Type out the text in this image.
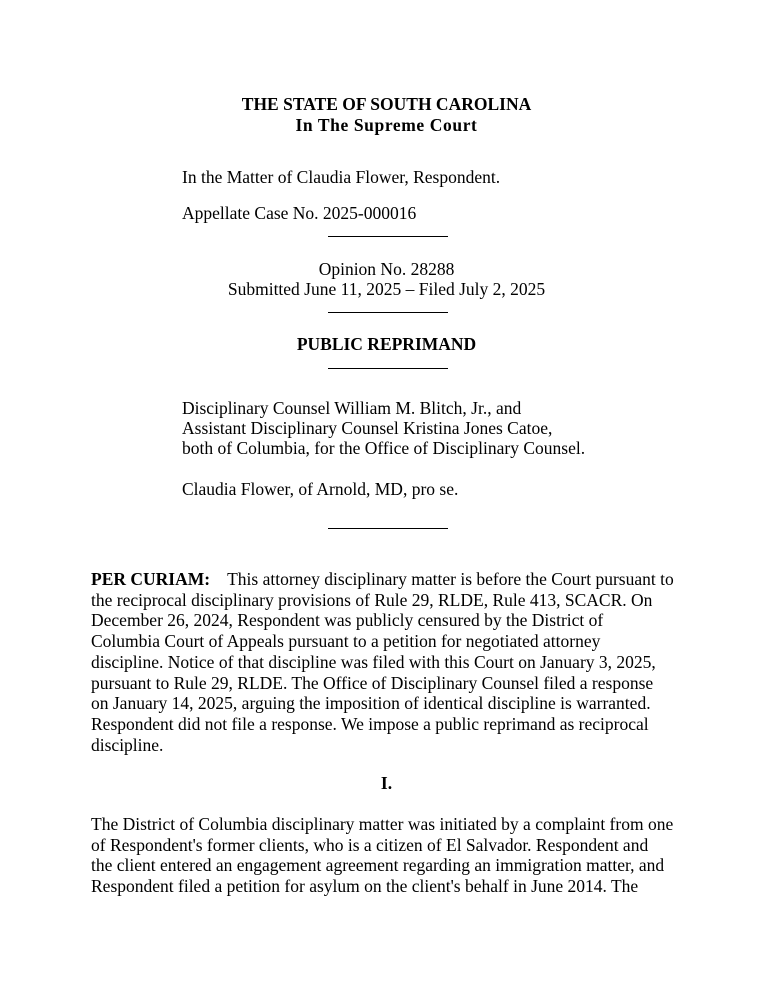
THE STATE OF SOUTH CAROLINA
In The Supreme Court
In the Matter of Claudia Flower, Respondent.
Appellate Case No. 2025-000016
Opinion No. 28288
Submitted June 11, 2025 – Filed July 2, 2025
PUBLIC REPRIMAND
Disciplinary Counsel William M. Blitch, Jr., and
Assistant Disciplinary Counsel Kristina Jones Catoe,
both of Columbia, for the Office of Disciplinary Counsel.
Claudia Flower, of Arnold, MD, pro se.
PER CURIAM: This attorney disciplinary matter is before the Court pursuant to
the reciprocal disciplinary provisions of Rule 29, RLDE, Rule 413, SCACR. On
December 26, 2024, Respondent was publicly censured by the District of
Columbia Court of Appeals pursuant to a petition for negotiated attorney
discipline. Notice of that discipline was filed with this Court on January 3, 2025,
pursuant to Rule 29, RLDE. The Office of Disciplinary Counsel filed a response
on January 14, 2025, arguing the imposition of identical discipline is warranted.
Respondent did not file a response. We impose a public reprimand as reciprocal
discipline.
I.
The District of Columbia disciplinary matter was initiated by a complaint from one
of Respondent's former clients, who is a citizen of El Salvador. Respondent and
the client entered an engagement agreement regarding an immigration matter, and
Respondent filed a petition for asylum on the client's behalf in June 2014. The
